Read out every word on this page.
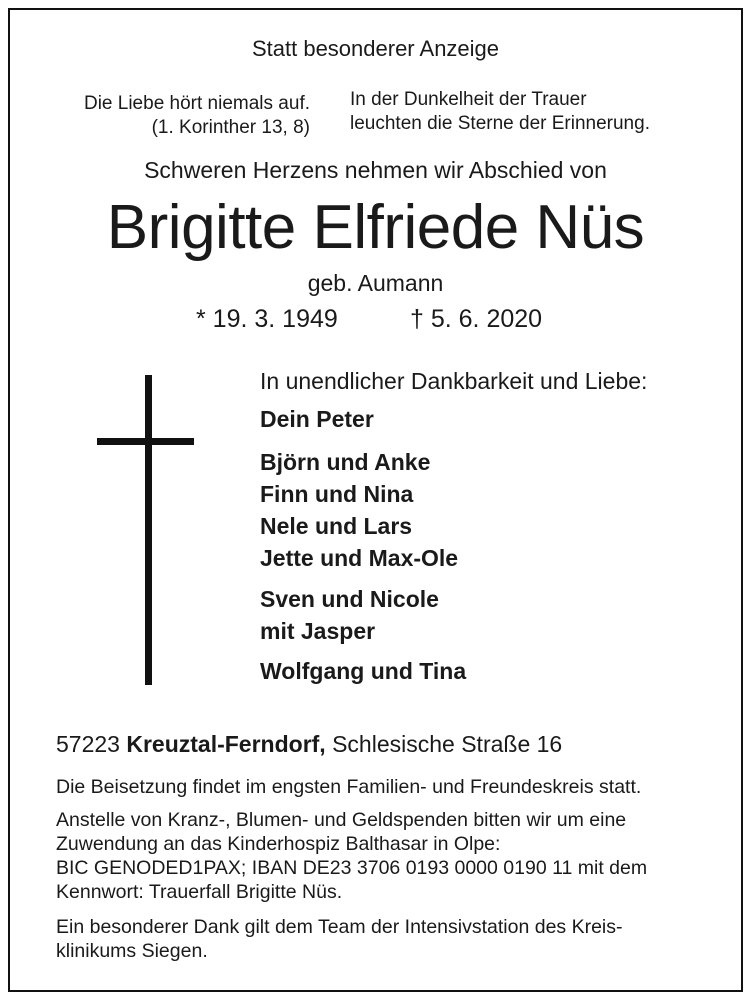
Statt besonderer Anzeige
Die Liebe hört niemals auf.
(1. Korinther 13, 8)
In der Dunkelheit der Trauer
leuchten die Sterne der Erinnerung.
Schweren Herzens nehmen wir Abschied von
Brigitte Elfriede Nüs
geb. Aumann
* 19. 3. 1949	† 5. 6. 2020
In unendlicher Dankbarkeit und Liebe:
Dein Peter
Björn und Anke
Finn und Nina
Nele und Lars
Jette und Max-Ole
Sven und Nicole
mit Jasper
Wolfgang und Tina
57223 Kreuztal-Ferndorf, Schlesische Straße 16
Die Beisetzung findet im engsten Familien- und Freundeskreis statt.
Anstelle von Kranz-, Blumen- und Geldspenden bitten wir um eine
Zuwendung an das Kinderhospiz Balthasar in Olpe:
BIC GENODED1PAX; IBAN DE23 3706 0193 0000 0190 11 mit dem
Kennwort: Trauerfall Brigitte Nüs.
Ein besonderer Dank gilt dem Team der Intensivstation des Kreis-
klinikums Siegen.
